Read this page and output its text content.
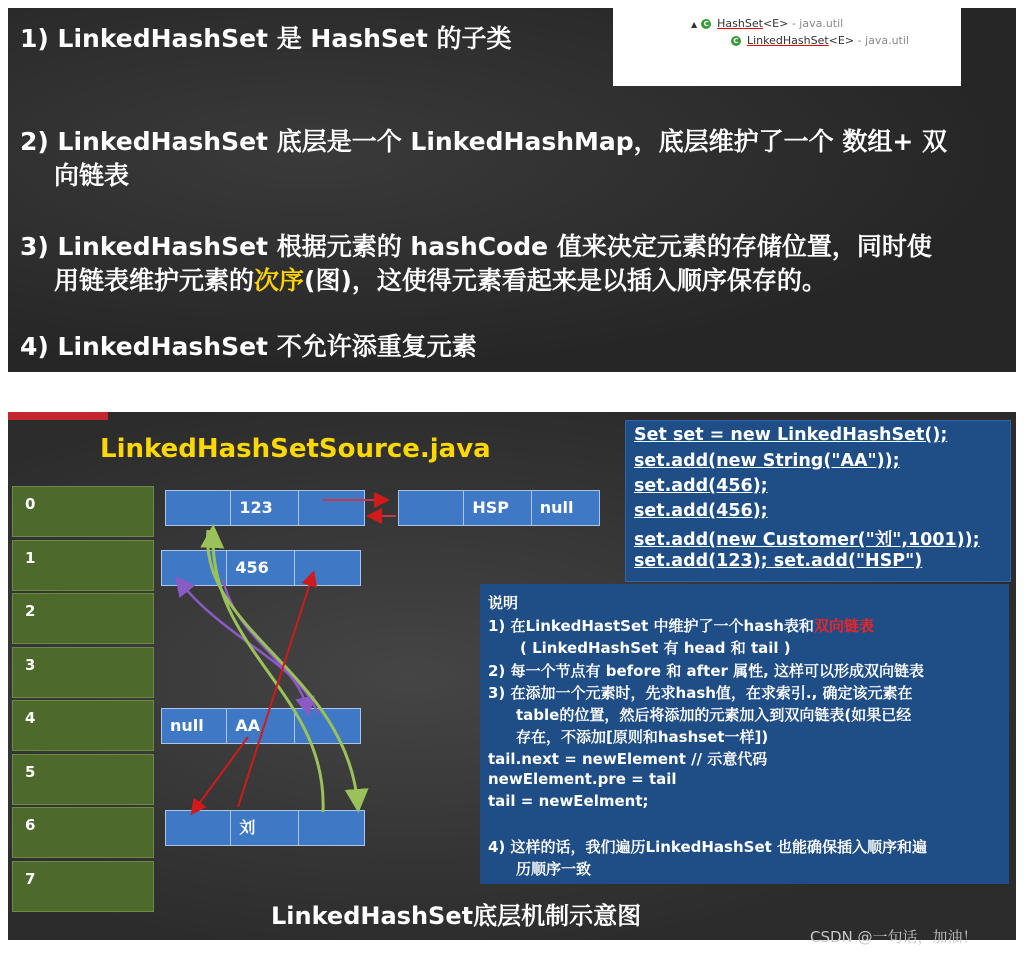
1) LinkedHashSet 是 HashSet 的子类

2) LinkedHashSet 底层是一个 LinkedHashMap，底层维护了一个 数组+ 双

向链表

3) LinkedHashSet 根据元素的 hashCode 值来决定元素的存储位置，同时使

用链表维护元素的次序(图)，这使得元素看起来是以插入顺序保存的。

4) LinkedHashSet 不允许添重复元素

▲ C HashSet<E> - java.util
C LinkedHashSet<E> - java.util

LinkedHashSetSource.java

0
1
2
3
4
5
6
7
123	HSP	null
456
null	AA
刘

Set set = new LinkedHashSet();

set.add(new String("AA"));

set.add(456);

set.add(456);

set.add(new Customer("刘",1001));

set.add(123); set.add("HSP")

说明

1) 在LinkedHastSet 中维护了一个hash表和双向链表

( LinkedHashSet 有 head 和 tail )

2) 每一个节点有 before 和 after 属性, 这样可以形成双向链表

3) 在添加一个元素时，先求hash值，在求索引., 确定该元素在

table的位置，然后将添加的元素加入到双向链表(如果已经

存在，不添加[原则和hashset一样])

tail.next = newElement // 示意代码

newElement.pre = tail

tail = newEelment;

4) 这样的话，我们遍历LinkedHashSet 也能确保插入顺序和遍

历顺序一致

LinkedHashSet底层机制示意图

CSDN @一句话，加油！
